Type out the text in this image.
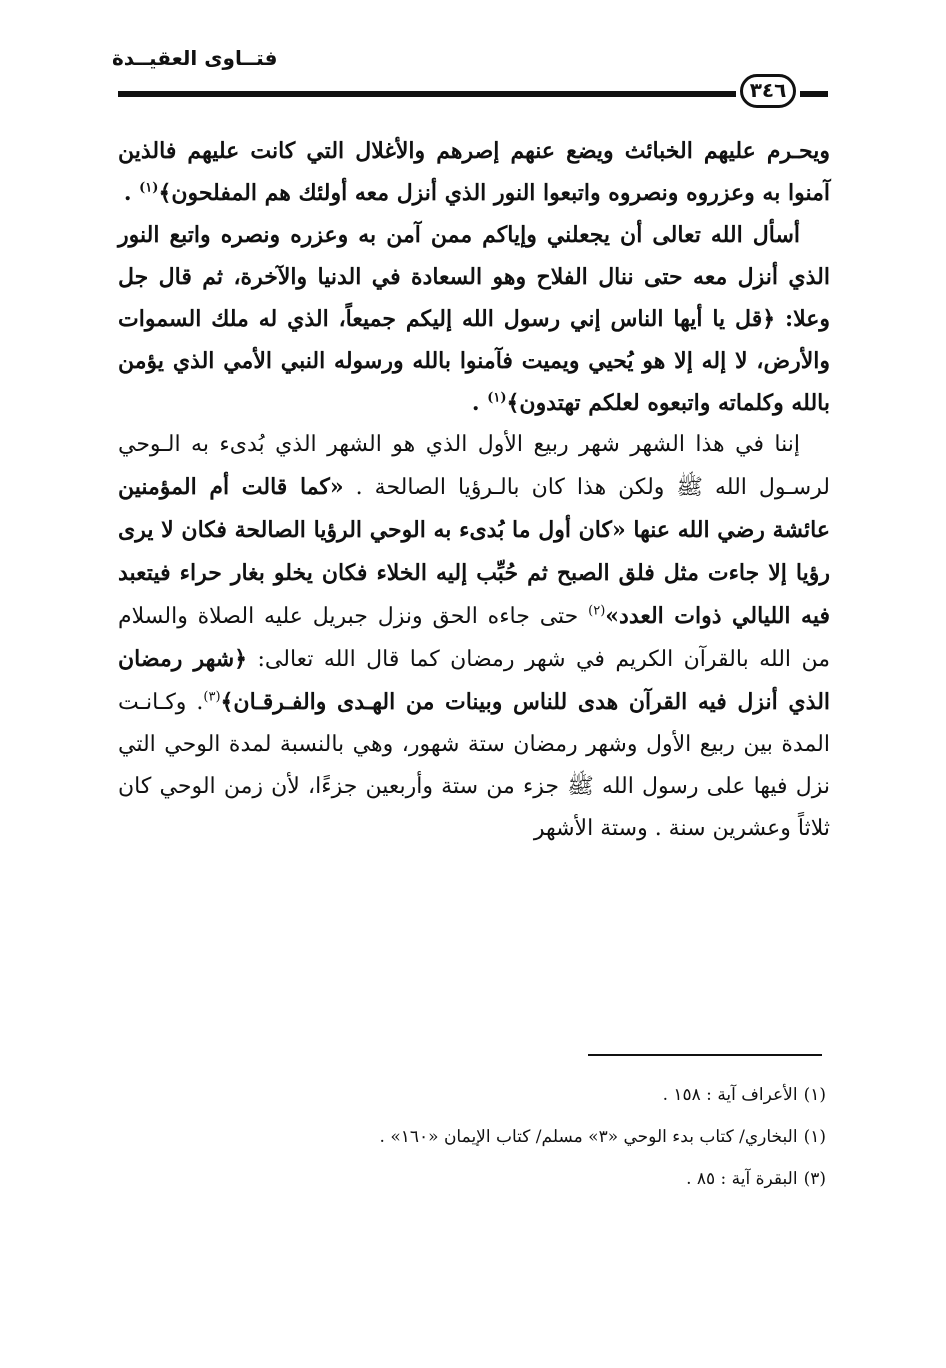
فتــاوى العقيــدة
٣٤٦

ويحـرم عليهم الخبائث ويضع عنهم إصرهم والأغلال التي كانت عليهم فالذين آمنوا به وعزروه ونصروه واتبعوا النور الذي أنزل معه أولئك هم المفلحون﴾$^{(١)}$ .

أسأل الله تعالى أن يجعلني وإياكم ممن آمن به وعزره ونصره واتبع النور الذي أنزل معه حتى ننال الفلاح وهو السعادة في الدنيا والآخرة، ثم قال جل وعلا: ﴿قل يا أيها الناس إني رسول الله إليكم جميعاً، الذي له ملك السموات والأرض، لا إله إلا هو يُحيي ويميت فآمنوا بالله ورسوله النبي الأمي الذي يؤمن بالله وكلماته واتبعوه لعلكم تهتدون﴾$^{(١)}$ .

إننا في هذا الشهر شهر ربيع الأول الذي هو الشهر الذي بُدىء به الـوحي لرسـول الله ﷺ ولكن هذا كان بالـرؤيا الصالحة . «كما قالت أم المؤمنين عائشة رضي الله عنها «كان أول ما بُدىء به الوحي الرؤيا الصالحة فكان لا يرى رؤيا إلا جاءت مثل فلق الصبح ثم حُبِّب إليه الخلاء فكان يخلو بغار حراء فيتعبد فيه الليالي ذوات العدد»$^{(٢)}$ حتى جاءه الحق ونزل جبريل عليه الصلاة والسلام من الله بالقرآن الكريم في شهر رمضان كما قال الله تعالى: ﴿شهر رمضان الذي أنزل فيه القرآن هدى للناس وبينات من الهـدى والفـرقـان﴾$^{(٣)}$. وكـانـت المدة بين ربيع الأول وشهر رمضان ستة شهور، وهي بالنسبة لمدة الوحي التي نزل فيها على رسول الله ﷺ جزء من ستة وأربعين جزءًا، لأن زمن الوحي كان ثلاثاً وعشرين سنة . وستة الأشهر

(١)الأعراف آية : ١٥٨ .

(١)البخاري/ كتاب بدء الوحي «٣» مسلم/ كتاب الإيمان «١٦٠» .

(٣)البقرة آية : ٨٥ .
